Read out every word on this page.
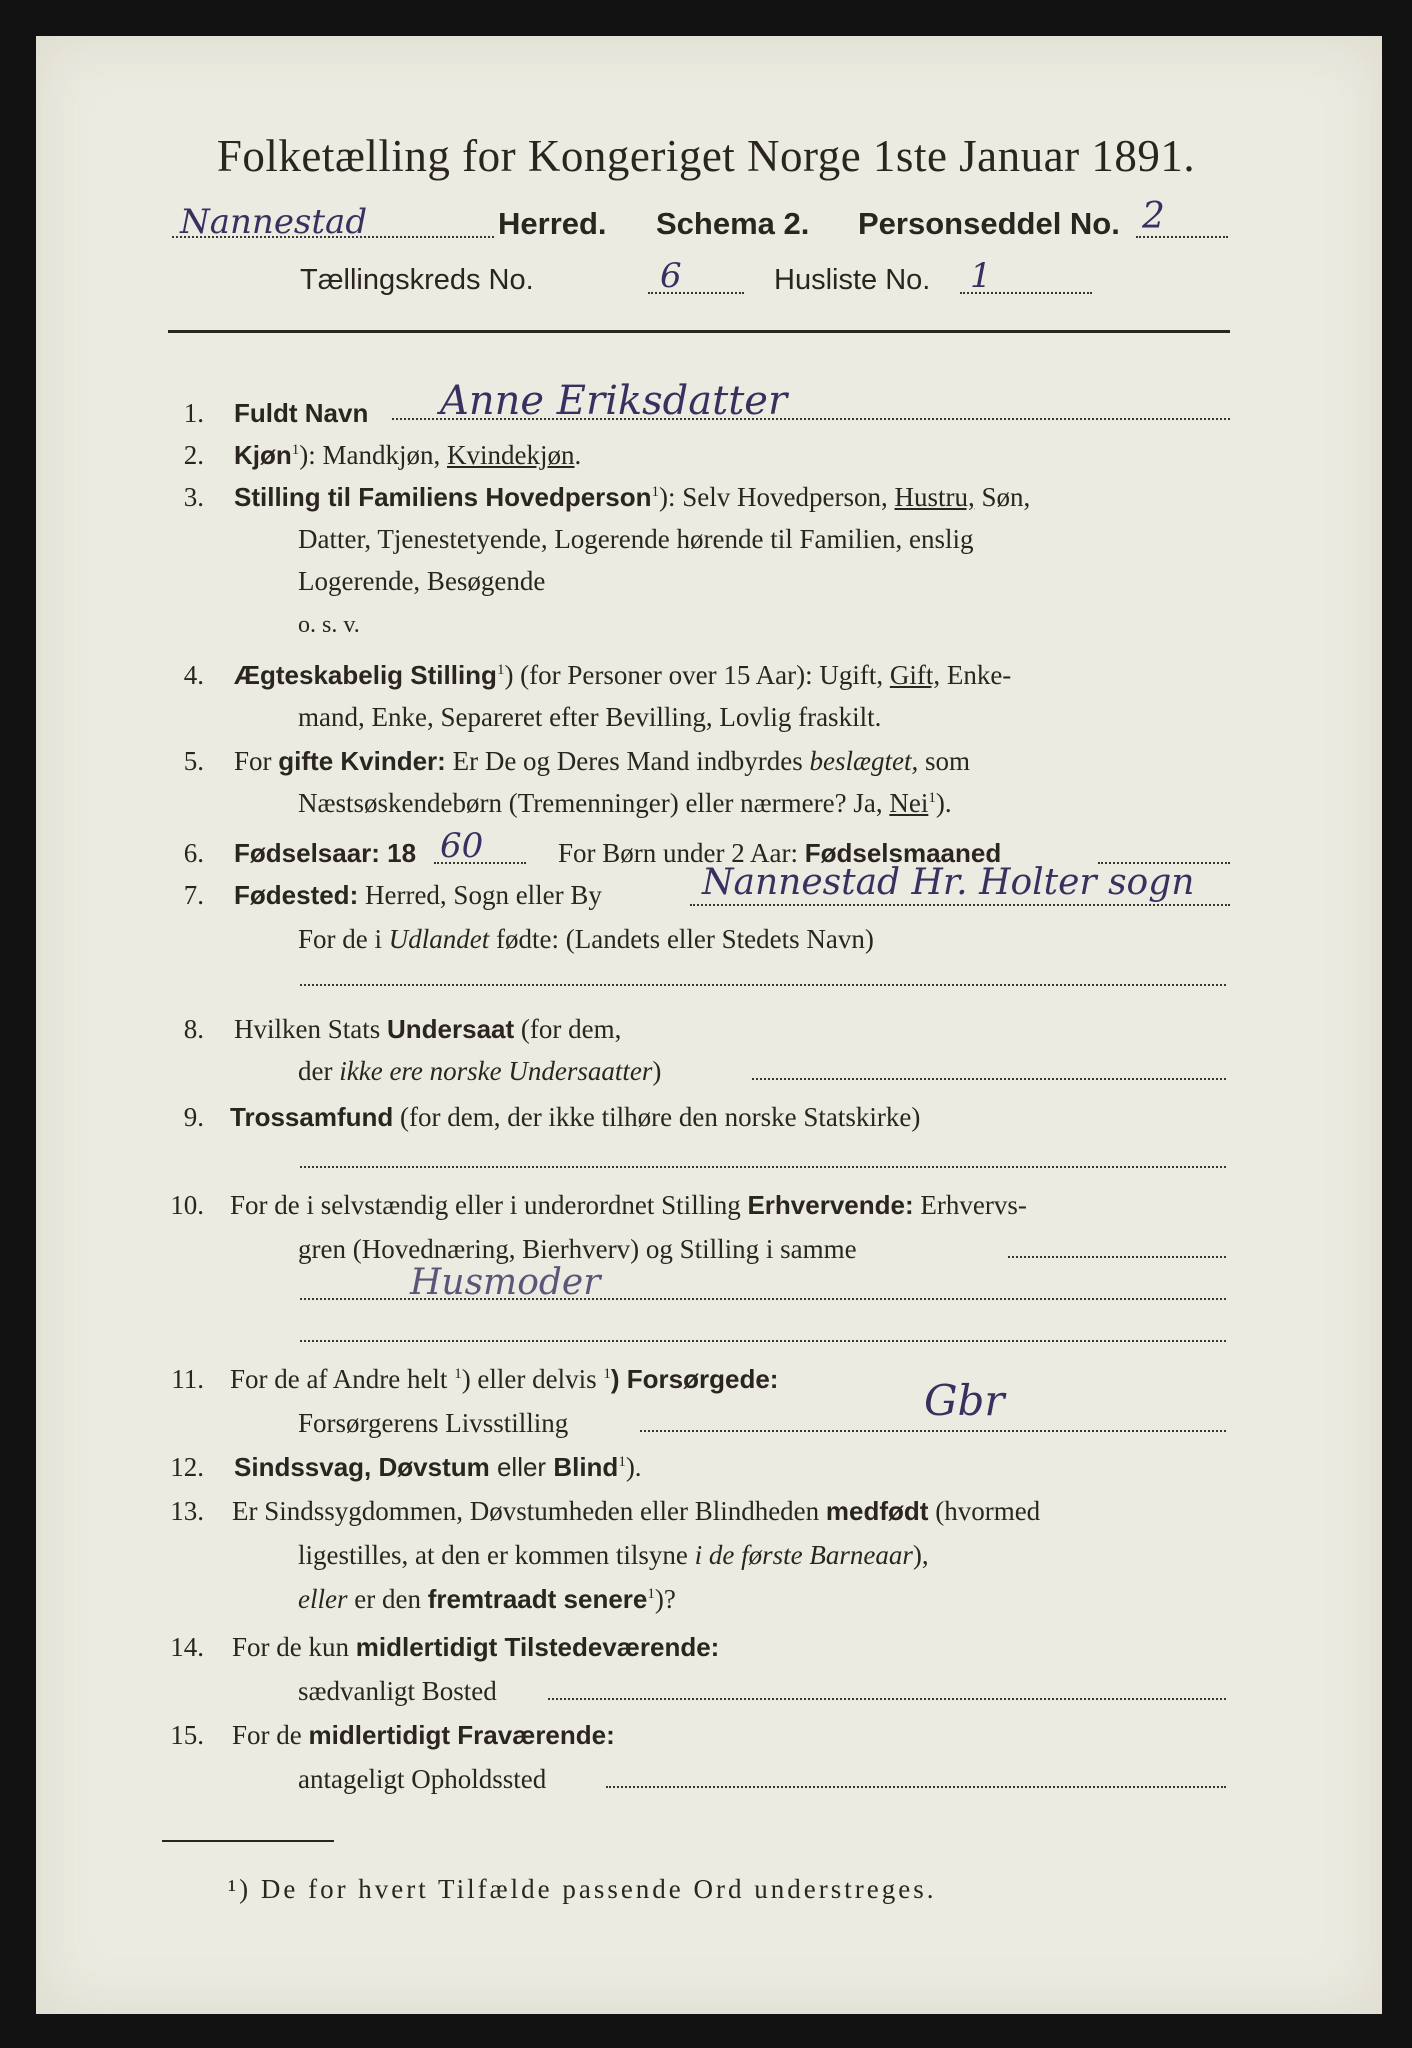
Folketælling for Kongeriget Norge 1ste Januar 1891.
Nannestad	Herred. Schema 2. Personseddel No. 2
Tællingskreds No.	6	Husliste No. 1
1. Fuldt Navn Anne Eriksdatter
2. Kjøn$^1$): Mandkjøn, Kvindekjøn.
3. Stilling til Familiens Hovedperson$^1$): Selv Hovedperson, Hustru, Søn,
Datter, Tjenestetyende, Logerende hørende til Familien, enslig
Logerende, Besøgende
o. s. v.
4. Ægteskabelig Stilling$^1$) (for Personer over 15 Aar): Ugift, Gift, Enke-
mand, Enke, Separeret efter Bevilling, Lovlig fraskilt.
5. For gifte Kvinder: Er De og Deres Mand indbyrdes beslægtet, som
Næstsøskendebørn (Tremenninger) eller nærmere? Ja, Nei$^1$).
6. Fødselsaar: 18 60	For Børn under 2 Aar: Fødselsmaaned
7. Fødested: Herred, Sogn eller By	Nannestad Hr. Holter sogn
For de i Udlandet fødte: (Landets eller Stedets Navn)
8. Hvilken Stats Undersaat (for dem,
der ikke ere norske Undersaatter)
9. Trossamfund (for dem, der ikke tilhøre den norske Statskirke)
10. For de i selvstændig eller i underordnet Stilling Erhvervende: Erhvervs-
gren (Hovednæring, Bierhverv) og Stilling i samme
Husmoder
11. For de af Andre helt $^1$) eller delvis $^1$) Forsørgede:	Gbr
Forsørgerens Livsstilling
12. Sindssvag, Døvstum eller Blind$^1$).
13. Er Sindssygdommen, Døvstumheden eller Blindheden medfødt (hvormed
ligestilles, at den er kommen tilsyne i de første Barneaar),
eller er den fremtraadt senere$^1$)?
14. For de kun midlertidigt Tilstedeværende:
sædvanligt Bosted
15. For de midlertidigt Fraværende:
antageligt Opholdssted
¹) De for hvert Tilfælde passende Ord understreges.
